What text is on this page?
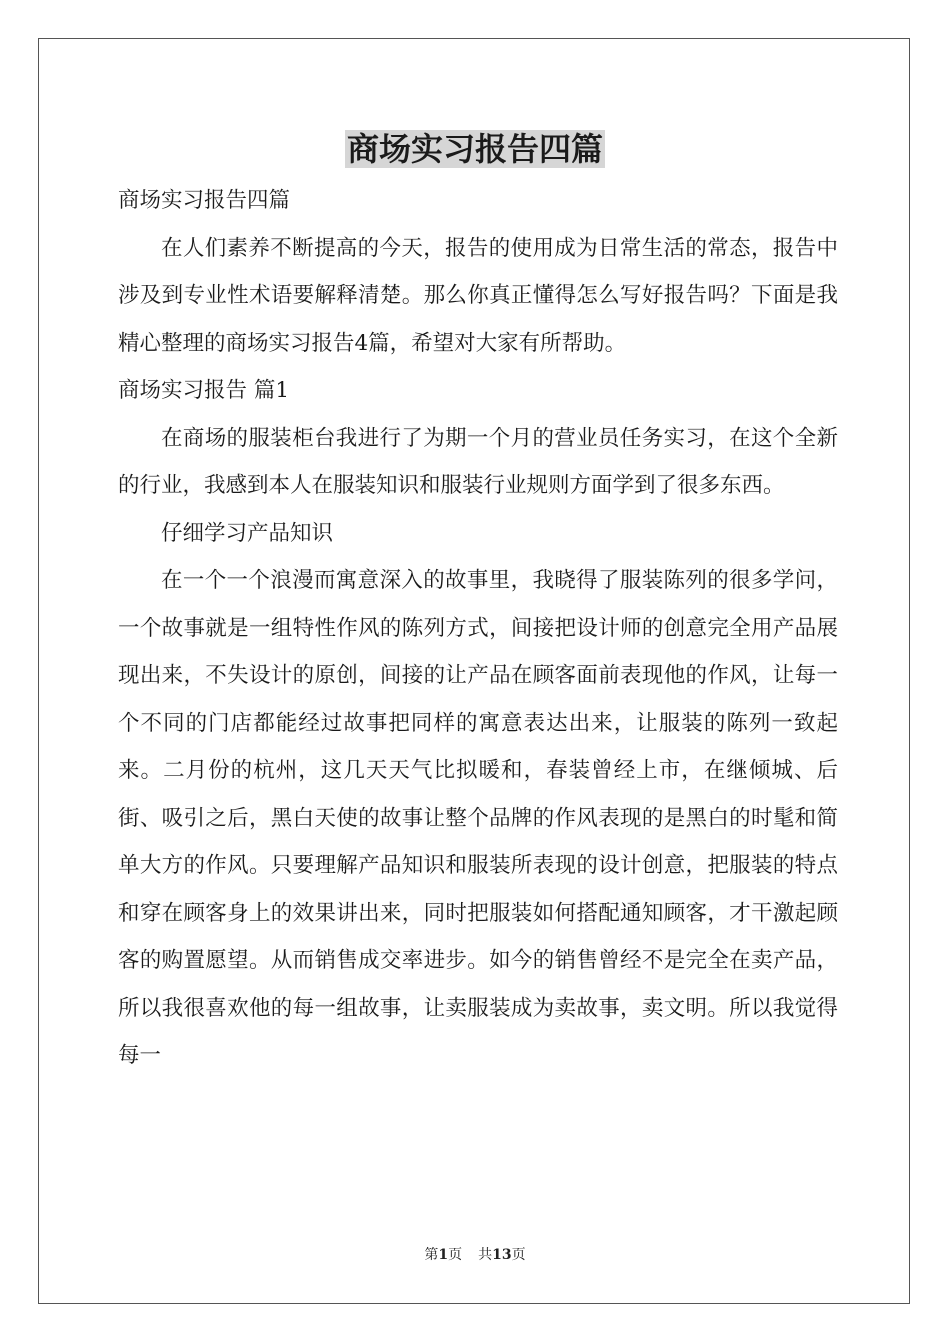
商场实习报告四篇

商场实习报告四篇

在人们素养不断提高的今天，报告的使用成为日常生活的常态，报告中涉及到专业性术语要解释清楚。那么你真正懂得怎么写好报告吗？下面是我精心整理的商场实习报告4篇，希望对大家有所帮助。

商场实习报告 篇1

在商场的服装柜台我进行了为期一个月的营业员任务实习，在这个全新的行业，我感到本人在服装知识和服装行业规则方面学到了很多东西。

仔细学习产品知识

在一个一个浪漫而寓意深入的故事里，我晓得了服装陈列的很多学问，一个故事就是一组特性作风的陈列方式，间接把设计师的创意完全用产品展现出来，不失设计的原创，间接的让产品在顾客面前表现他的作风，让每一个不同的门店都能经过故事把同样的寓意表达出来，让服装的陈列一致起来。二月份的杭州，这几天天气比拟暖和，春装曾经上市，在继倾城、后街、吸引之后，黑白天使的故事让整个品牌的作风表现的是黑白的时髦和简单大方的作风。只要理解产品知识和服装所表现的设计创意，把服装的特点和穿在顾客身上的效果讲出来，同时把服装如何搭配通知顾客，才干激起顾客的购置愿望。从而销售成交率进步。如今的销售曾经不是完全在卖产品，所以我很喜欢他的每一组故事，让卖服装成为卖故事，卖文明。所以我觉得每一

第1页 共13页
